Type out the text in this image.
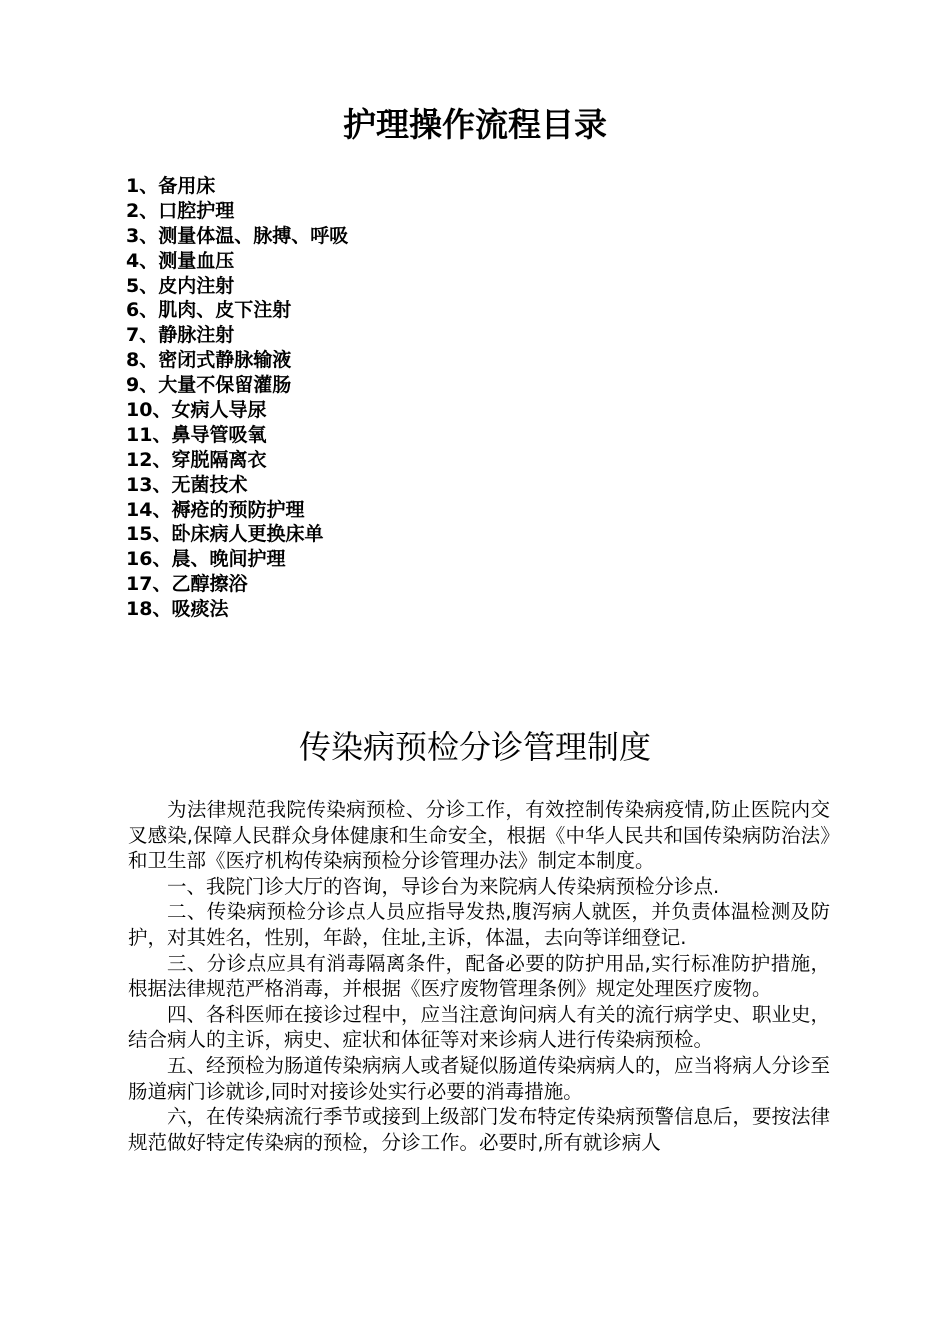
护理操作流程目录
1、备用床
2、口腔护理
3、测量体温、脉搏、呼吸
4、测量血压
5、皮内注射
6、肌肉、皮下注射
7、静脉注射
8、密闭式静脉输液
9、大量不保留灌肠
10、女病人导尿
11、鼻导管吸氧
12、穿脱隔离衣
13、无菌技术
14、褥疮的预防护理
15、卧床病人更换床单
16、晨、晚间护理
17、乙醇擦浴
18、吸痰法
传染病预检分诊管理制度

为法律规范我院传染病预检、分诊工作，有效控制传染病疫情,防止医院内交叉感染,保障人民群众身体健康和生命安全，根据《中华人民共和国传染病防治法》和卫生部《医疗机构传染病预检分诊管理办法》制定本制度。

一、我院门诊大厅的咨询，导诊台为来院病人传染病预检分诊点.

二、传染病预检分诊点人员应指导发热,腹泻病人就医，并负责体温检测及防护，对其姓名，性别，年龄，住址,主诉，体温，去向等详细登记.

三、分诊点应具有消毒隔离条件，配备必要的防护用品,实行标准防护措施，根据法律规范严格消毒，并根据《医疗废物管理条例》规定处理医疗废物。

四、各科医师在接诊过程中，应当注意询问病人有关的流行病学史、职业史，结合病人的主诉，病史、症状和体征等对来诊病人进行传染病预检。

五、经预检为肠道传染病病人或者疑似肠道传染病病人的，应当将病人分诊至肠道病门诊就诊,同时对接诊处实行必要的消毒措施。

六，在传染病流行季节或接到上级部门发布特定传染病预警信息后，要按法律规范做好特定传染病的预检，分诊工作。必要时,所有就诊病人
